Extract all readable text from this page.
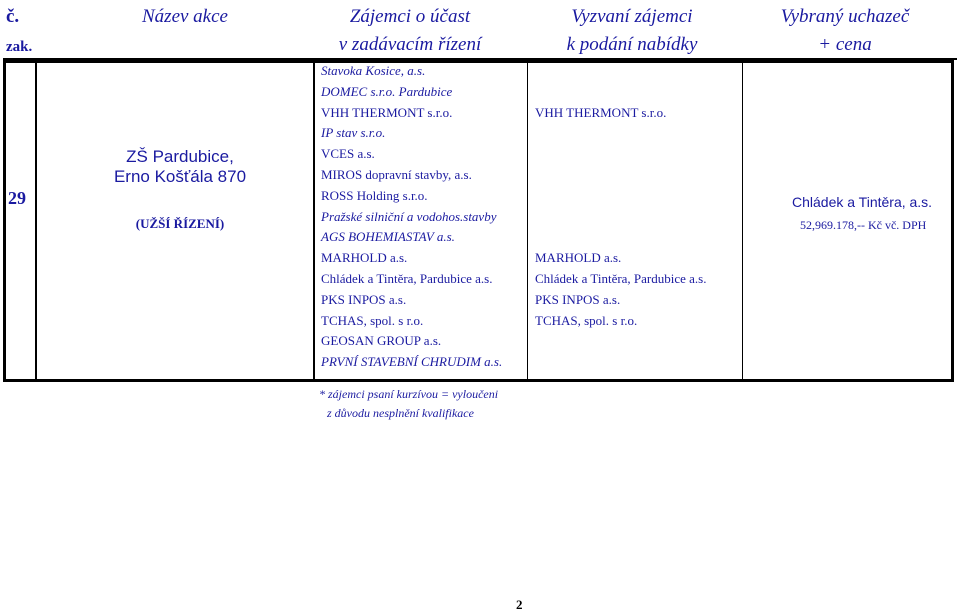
č.
zak.
Název akce	Zájemci o účast
v zadávacím řízení
Vyzvaní zájemci
k podání nabídky
Vybraný uchazeč
+ cena
29
ZŠ Pardubice,
Erno Košťála 870
(UŽŠÍ ŘÍZENÍ)
Stavoka Kosice, a.s.
DOMEC s.r.o. Pardubice
VHH THERMONT s.r.o.
IP stav s.r.o.
VCES a.s.
MIROS dopravní stavby, a.s.
ROSS Holding s.r.o.
Pražské silniční a vodohos.stavby
AGS BOHEMIASTAV a.s.
MARHOLD a.s.
Chládek a Tintěra, Pardubice a.s.
PKS INPOS a.s.
TCHAS, spol. s r.o.
GEOSAN GROUP a.s.
PRVNÍ STAVEBNÍ CHRUDIM a.s.
VHH THERMONT s.r.o.
MARHOLD a.s.
Chládek a Tintěra, Pardubice a.s.
PKS INPOS a.s.
TCHAS, spol. s r.o.
Chládek a Tintěra, a.s.
52,969.178,-- Kč vč. DPH
* zájemci psaní kurzívou = vyloučeni
z důvodu nesplnění kvalifikace
2
